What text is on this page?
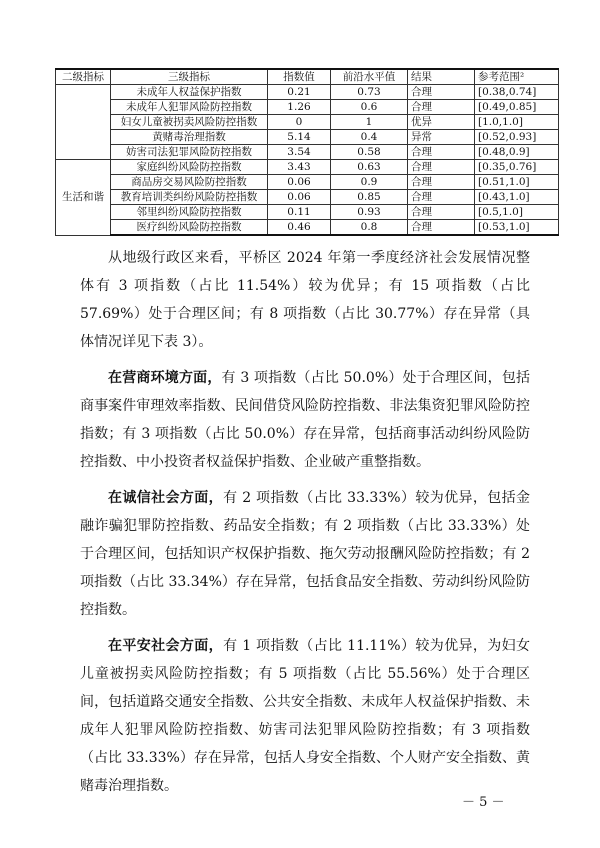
二级指标	三级指标	指数值	前沿水平值	结果	参考范围²
	未成年人权益保护指数	0.21	0.73	合理	[0.38,0.74]
	未成年人犯罪风险防控指数	1.26	0.6	合理	[0.49,0.85]
	妇女儿童被拐卖风险防控指数	0	1	优异	[1.0,1.0]
	黄赌毒治理指数	5.14	0.4	异常	[0.52,0.93]
	妨害司法犯罪风险防控指数	3.54	0.58	合理	[0.48,0.9]
生活和谐	家庭纠纷风险防控指数	3.43	0.63	合理	[0.35,0.76]
	商品房交易风险防控指数	0.06	0.9	合理	[0.51,1.0]
	教育培训类纠纷风险防控指数	0.06	0.85	合理	[0.43,1.0]
	邻里纠纷风险防控指数	0.11	0.93	合理	[0.5,1.0]
	医疗纠纷风险防控指数	0.46	0.8	合理	[0.53,1.0]

从地级行政区来看，平桥区 2024 年第一季度经济社会发展情况整体有 3 项指数（占比 11.54%）较为优异；有 15 项指数（占比 57.69%）处于合理区间；有 8 项指数（占比 30.77%）存在异常（具体情况详见下表 3）。

在营商环境方面，有 3 项指数（占比 50.0%）处于合理区间，包括商事案件审理效率指数、民间借贷风险防控指数、非法集资犯罪风险防控指数；有 3 项指数（占比 50.0%）存在异常，包括商事活动纠纷风险防控指数、中小投资者权益保护指数、企业破产重整指数。

在诚信社会方面，有 2 项指数（占比 33.33%）较为优异，包括金融诈骗犯罪防控指数、药品安全指数；有 2 项指数（占比 33.33%）处于合理区间，包括知识产权保护指数、拖欠劳动报酬风险防控指数；有 2 项指数（占比 33.34%）存在异常，包括食品安全指数、劳动纠纷风险防控指数。

在平安社会方面，有 1 项指数（占比 11.11%）较为优异，为妇女儿童被拐卖风险防控指数；有 5 项指数（占比 55.56%）处于合理区间，包括道路交通安全指数、公共安全指数、未成年人权益保护指数、未成年人犯罪风险防控指数、妨害司法犯罪风险防控指数；有 3 项指数（占比 33.33%）存在异常，包括人身安全指数、个人财产安全指数、黄赌毒治理指数。

－ 5 －
